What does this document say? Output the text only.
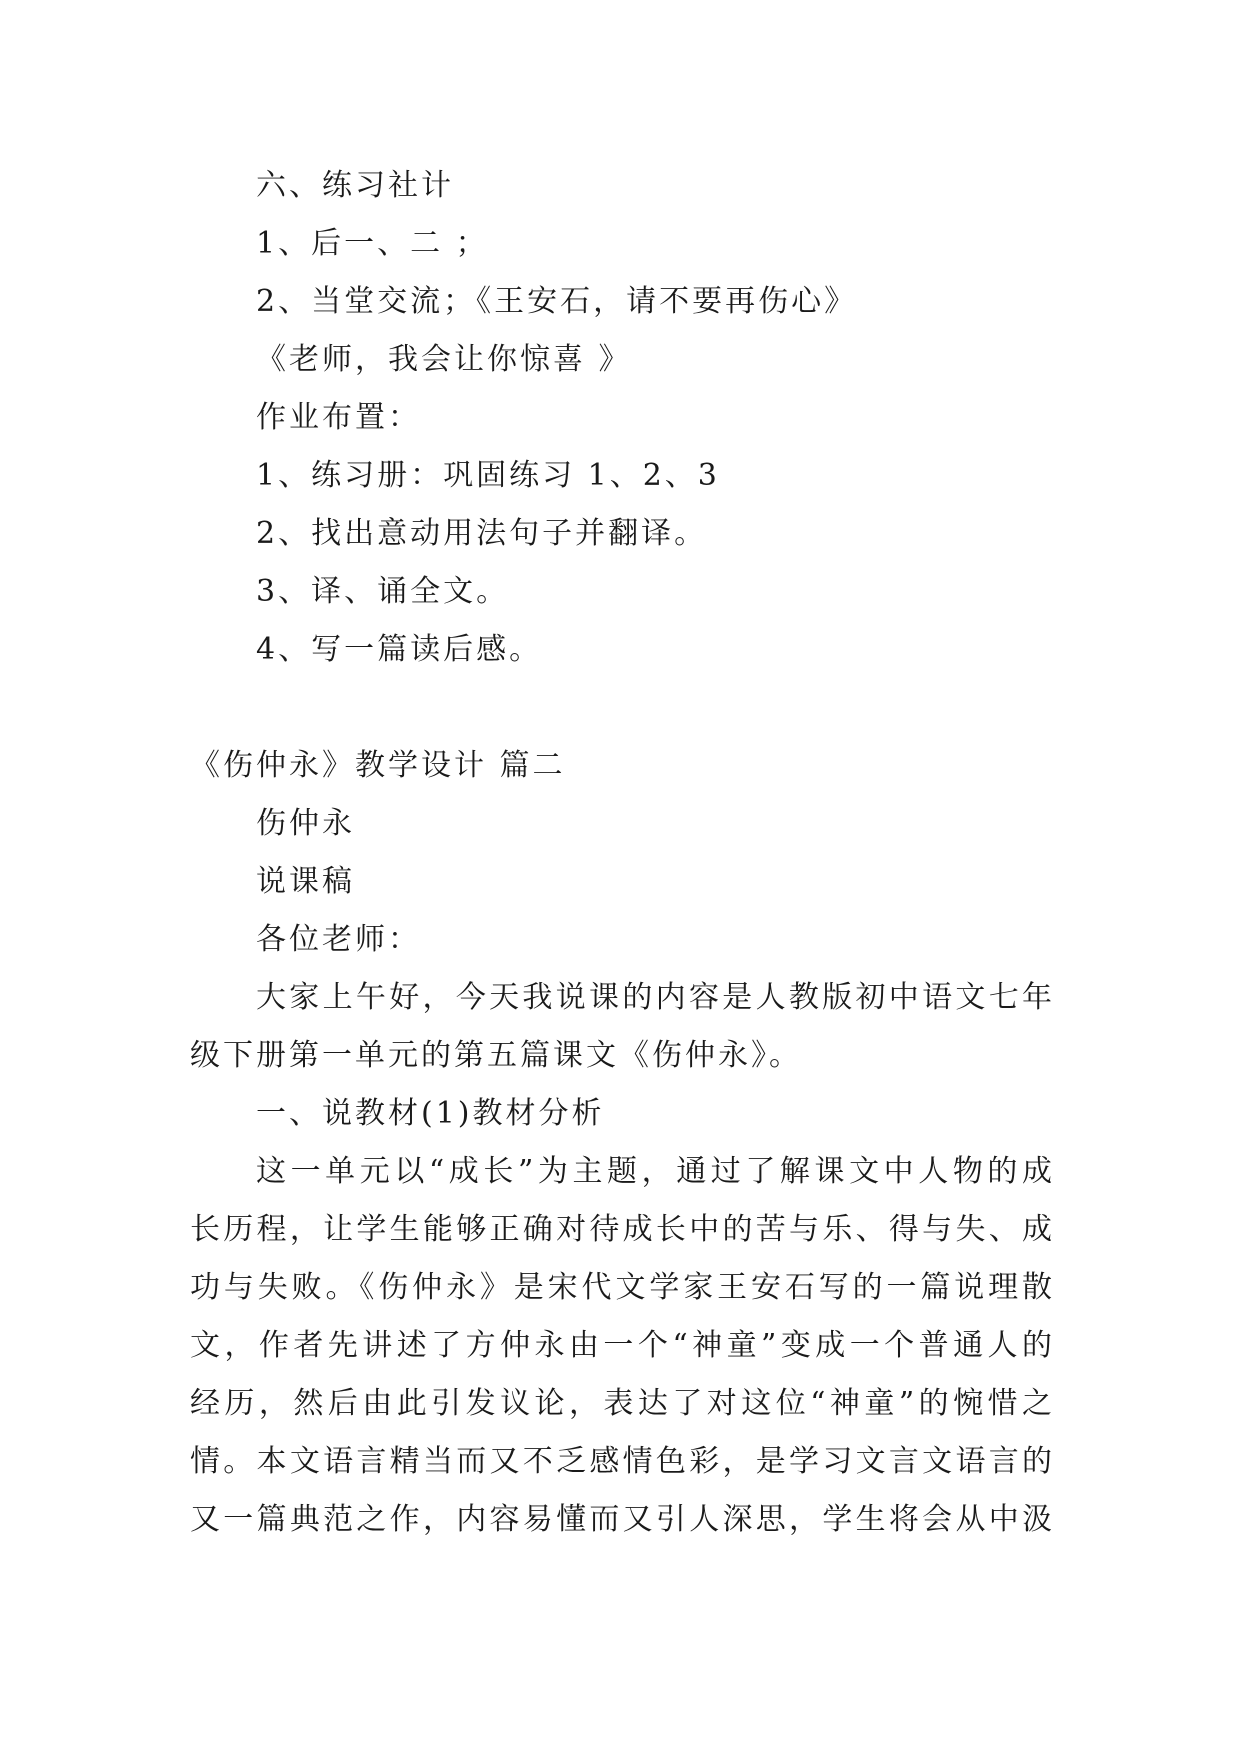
六、练习社计
1、后一、二 ；
2、当堂交流；《王安石，请不要再伤心》
《老师，我会让你惊喜 》
作业布置：
1、练习册：巩固练习 1、2、3
2、找出意动用法句子并翻译。
3、译、诵全文。
4、写一篇读后感。
《伤仲永》教学设计 篇二
伤仲永
说课稿
各位老师：
大家上午好，今天我说课的内容是人教版初中语文七年
级下册第一单元的第五篇课文《伤仲永》。
一、说教材(1)教材分析
这一单元以“成长”为主题，通过了解课文中人物的成
长历程，让学生能够正确对待成长中的苦与乐、得与失、成
功与失败。《伤仲永》是宋代文学家王安石写的一篇说理散
文，作者先讲述了方仲永由一个“神童”变成一个普通人的
经历，然后由此引发议论，表达了对这位“神童”的惋惜之
情。本文语言精当而又不乏感情色彩，是学习文言文语言的
又一篇典范之作，内容易懂而又引人深思，学生将会从中汲
